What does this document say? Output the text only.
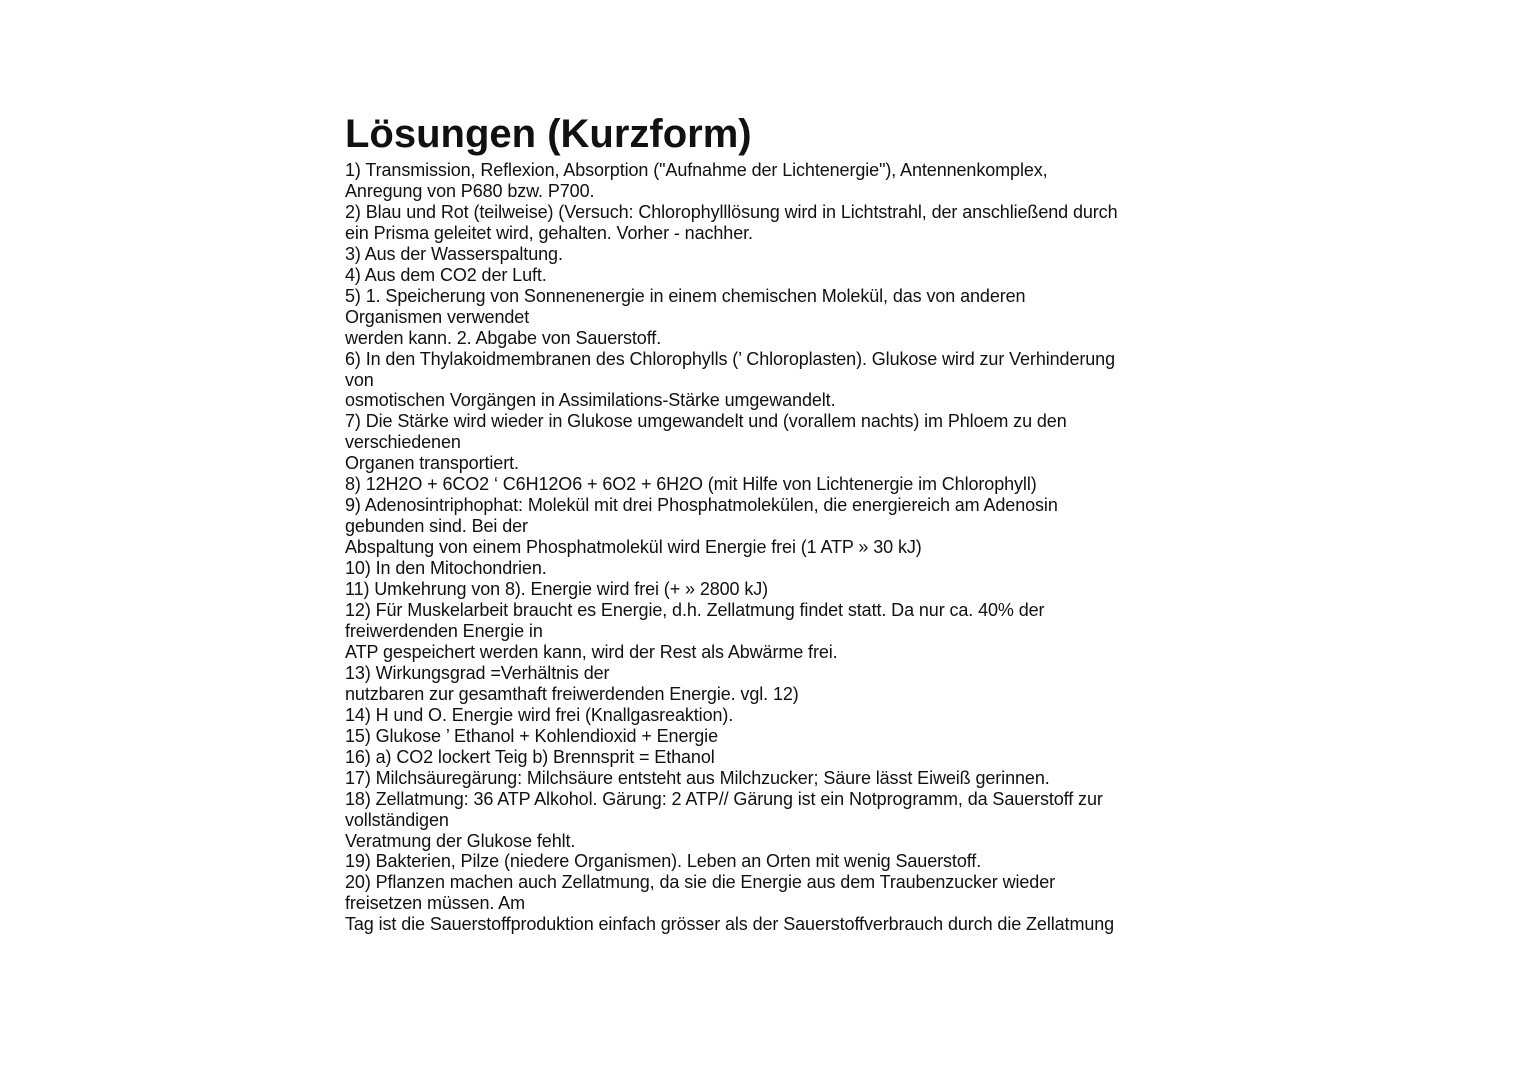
Lösungen (Kurzform)
1) Transmission, Reflexion, Absorption ("Aufnahme der Lichtenergie"), Antennenkomplex,
Anregung von P680 bzw. P700.
2) Blau und Rot (teilweise) (Versuch: Chlorophylllösung wird in Lichtstrahl, der anschließend durch
ein Prisma geleitet wird, gehalten. Vorher - nachher.
3) Aus der Wasserspaltung.
4) Aus dem CO2 der Luft.
5) 1. Speicherung von Sonnenenergie in einem chemischen Molekül, das von anderen
Organismen verwendet
werden kann. 2. Abgabe von Sauerstoff.
6) In den Thylakoidmembranen des Chlorophylls (’ Chloroplasten). Glukose wird zur Verhinderung
von
osmotischen Vorgängen in Assimilations-Stärke umgewandelt.
7) Die Stärke wird wieder in Glukose umgewandelt und (vorallem nachts) im Phloem zu den
verschiedenen
Organen transportiert.
8) 12H2O + 6CO2 ‘ C6H12O6 + 6O2 + 6H2O (mit Hilfe von Lichtenergie im Chlorophyll)
9) Adenosintriphophat: Molekül mit drei Phosphatmolekülen, die energiereich am Adenosin
gebunden sind. Bei der
Abspaltung von einem Phosphatmolekül wird Energie frei (1 ATP » 30 kJ)
10) In den Mitochondrien.
11) Umkehrung von 8). Energie wird frei (+ » 2800 kJ)
12) Für Muskelarbeit braucht es Energie, d.h. Zellatmung findet statt. Da nur ca. 40% der
freiwerdenden Energie in
ATP gespeichert werden kann, wird der Rest als Abwärme frei.
13) Wirkungsgrad =Verhältnis der
nutzbaren zur gesamthaft freiwerdenden Energie. vgl. 12)
14) H und O. Energie wird frei (Knallgasreaktion).
15) Glukose ’ Ethanol + Kohlendioxid + Energie
16) a) CO2 lockert Teig b) Brennsprit = Ethanol
17) Milchsäuregärung: Milchsäure entsteht aus Milchzucker; Säure lässt Eiweiß gerinnen.
18) Zellatmung: 36 ATP Alkohol. Gärung: 2 ATP// Gärung ist ein Notprogramm, da Sauerstoff zur
vollständigen
Veratmung der Glukose fehlt.
19) Bakterien, Pilze (niedere Organismen). Leben an Orten mit wenig Sauerstoff.
20) Pflanzen machen auch Zellatmung, da sie die Energie aus dem Traubenzucker wieder
freisetzen müssen. Am
Tag ist die Sauerstoffproduktion einfach grösser als der Sauerstoffverbrauch durch die Zellatmung
